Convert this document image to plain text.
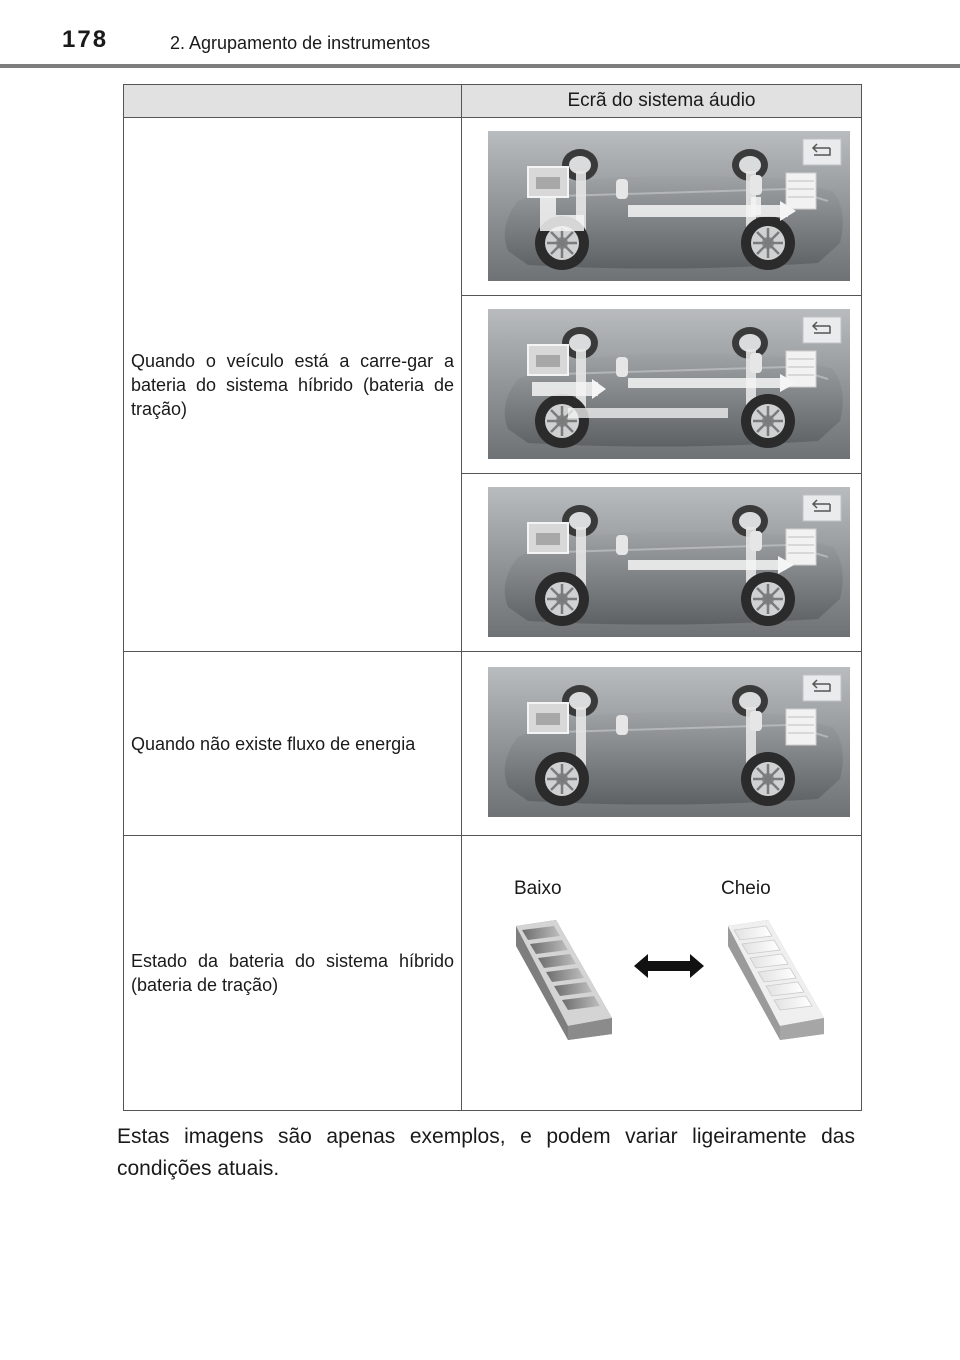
178	2. Agrupamento de instrumentos
	Ecrã do sistema áudio
Quando o veículo está a carre-gar a bateria do sistema híbrido (bateria de tração)	

Quando não existe fluxo de energia	

Estado da bateria do sistema híbrido (bateria de tração)	Baixo Cheio
Estas imagens são apenas exemplos, e podem variar ligeiramente das condições atuais.
